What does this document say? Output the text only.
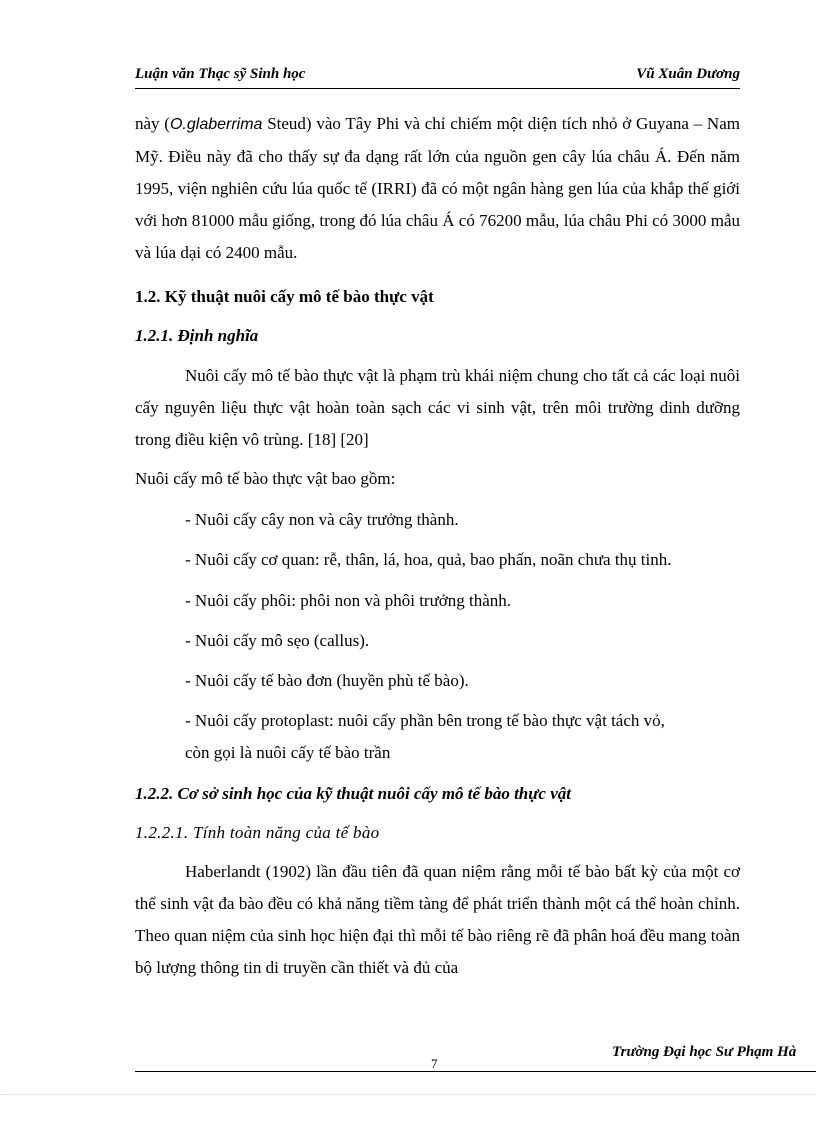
Luận văn Thạc sỹ Sinh học	Vũ Xuân Dương
này (O.glaberrima Steud) vào Tây Phi và chỉ chiếm một diện tích nhỏ ở Guyana – Nam Mỹ. Điều này đã cho thấy sự đa dạng rất lớn của nguồn gen cây lúa châu Á. Đến năm 1995, viện nghiên cứu lúa quốc tế (IRRI) đã có một ngân hàng gen lúa của khắp thế giới với hơn 81000 mẫu giống, trong đó lúa châu Á có 76200 mẫu, lúa châu Phi có 3000 mẫu và lúa dại có 2400 mẫu.
1.2. Kỹ thuật nuôi cấy mô tế bào thực vật
1.2.1. Định nghĩa
Nuôi cấy mô tế bào thực vật là phạm trù khái niệm chung cho tất cả các loại nuôi cấy nguyên liệu thực vật hoàn toàn sạch các vi sinh vật, trên môi trường dinh dưỡng trong điều kiện vô trùng. [18] [20]
Nuôi cấy mô tế bào thực vật bao gồm:
- Nuôi cấy cây non và cây trưởng thành.
- Nuôi cấy cơ quan: rễ, thân, lá, hoa, quả, bao phấn, noãn chưa thụ tinh.
- Nuôi cấy phôi: phôi non và phôi trưởng thành.
- Nuôi cấy mô sẹo (callus).
- Nuôi cấy tế bào đơn (huyền phù tế bào).
- Nuôi cấy protoplast: nuôi cấy phần bên trong tế bào thực vật tách vỏ,
còn gọi là nuôi cấy tế bào trần
1.2.2. Cơ sở sinh học của kỹ thuật nuôi cấy mô tế bào thực vật
1.2.2.1. Tính toàn năng của tế bào
Haberlandt (1902) lần đầu tiên đã quan niệm rằng mỗi tế bào bất kỳ của một cơ thể sinh vật đa bào đều có khả năng tiềm tàng để phát triển thành một cá thể hoàn chỉnh. Theo quan niệm của sinh học hiện đại thì mỗi tế bào riêng rẽ đã phân hoá đều mang toàn bộ lượng thông tin di truyền cần thiết và đủ của
Trường Đại học Sư Phạm Hà
7
